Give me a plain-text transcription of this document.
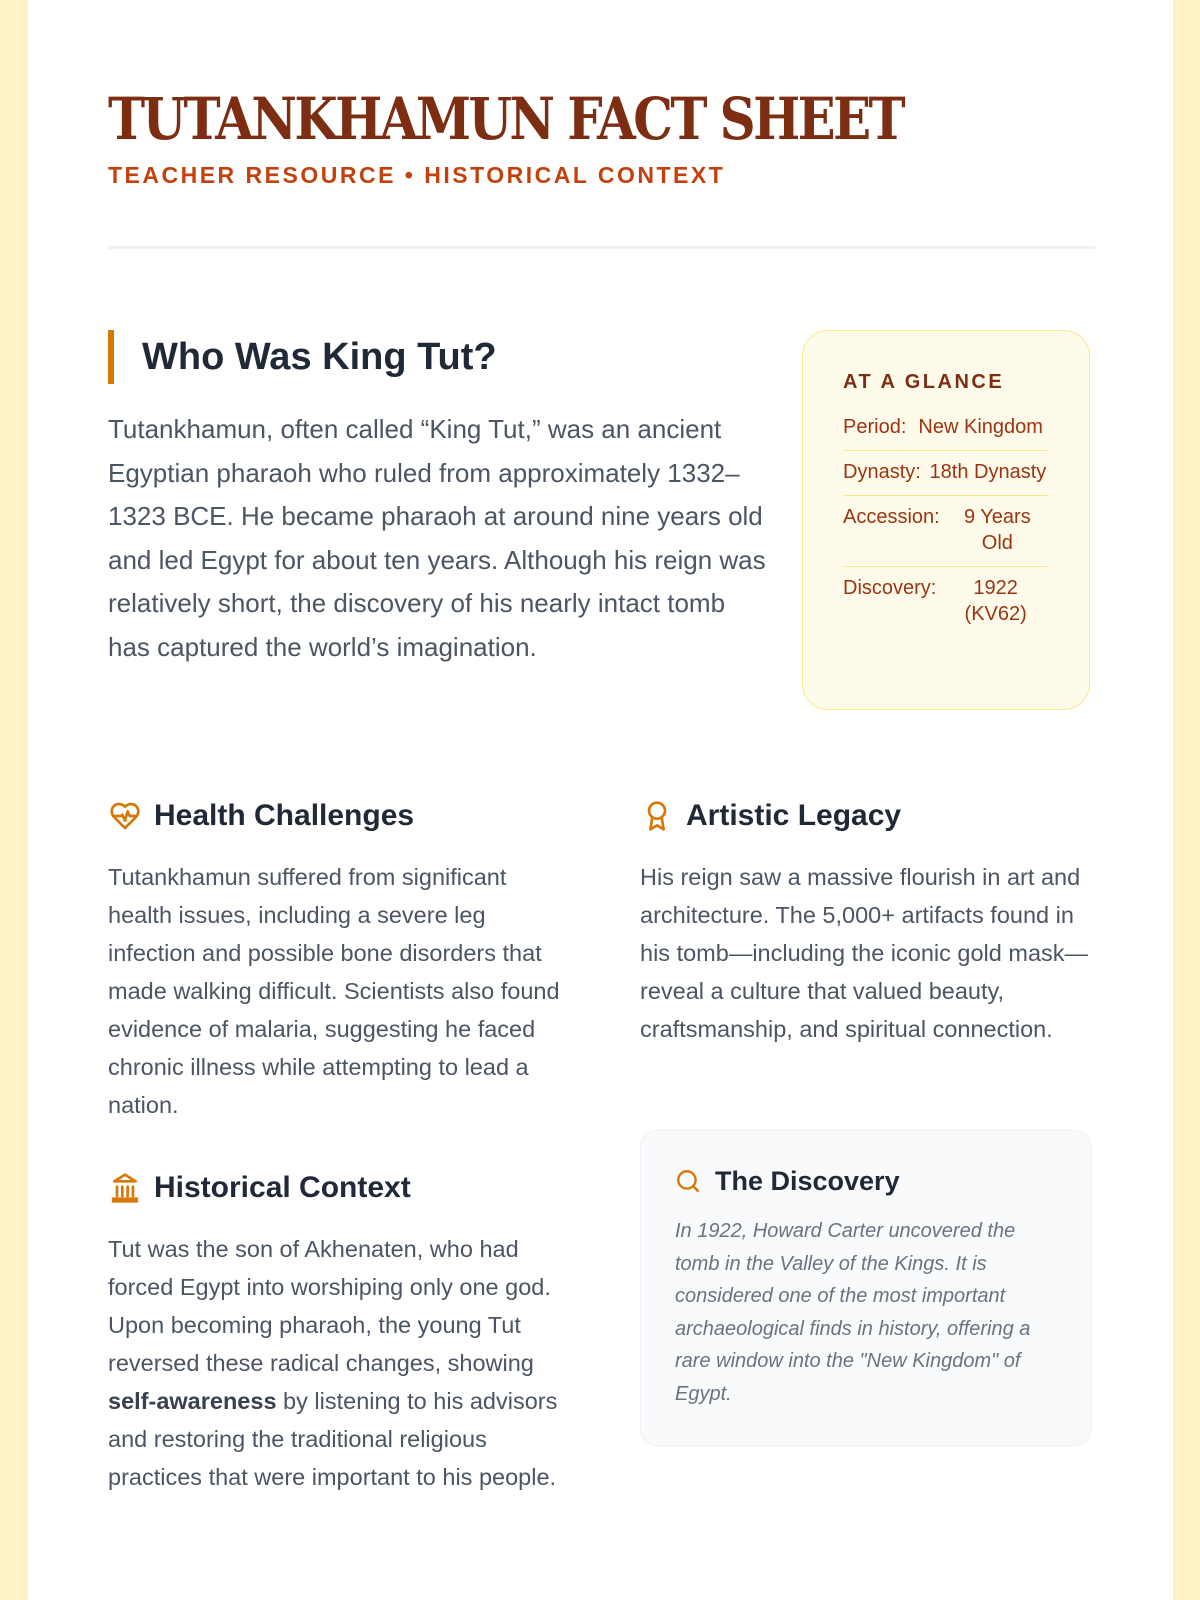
TUTANKHAMUN FACT SHEET
TEACHER RESOURCE • HISTORICAL CONTEXT
Who Was King Tut?

Tutankhamun, often called “King Tut,” was an ancient Egyptian pharaoh who ruled from approximately 1332–1323 BCE. He became pharaoh at around nine years old and led Egypt for about ten years. Although his reign was relatively short, the discovery of his nearly intact tomb has captured the world’s imagination.

AT A GLANCE
Period: New Kingdom
Dynasty: 18th Dynasty
Accession:	9 Years Old
Discovery:	1922 (KV62)
Health Challenges

Tutankhamun suffered from significant health issues, including a severe leg infection and possible bone disorders that made walking difficult. Scientists also found evidence of malaria, suggesting he faced chronic illness while attempting to lead a nation.

Artistic Legacy

His reign saw a massive flourish in art and architecture. The 5,000+ artifacts found in his tomb—including the iconic gold mask—reveal a culture that valued beauty, craftsmanship, and spiritual connection.

Historical Context

Tut was the son of Akhenaten, who had forced Egypt into worshiping only one god. Upon becoming pharaoh, the young Tut reversed these radical changes, showing self-awareness by listening to his advisors and restoring the traditional religious practices that were important to his people.

The Discovery

In 1922, Howard Carter uncovered the tomb in the Valley of the Kings. It is considered one of the most important archaeological finds in history, offering a rare window into the "New Kingdom" of Egypt.
